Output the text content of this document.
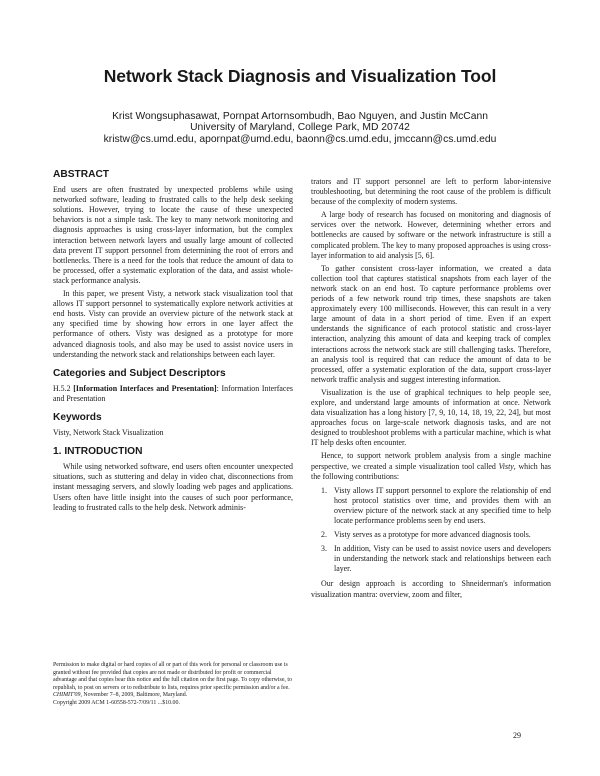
Network Stack Diagnosis and Visualization Tool
Krist Wongsuphasawat, Pornpat Artornsombudh, Bao Nguyen, and Justin McCann
University of Maryland, College Park, MD 20742
kristw@cs.umd.edu, apornpat@umd.edu, baonn@cs.umd.edu, jmccann@cs.umd.edu
ABSTRACT

End users are often frustrated by unexpected problems while using networked software, leading to frustrated calls to the help desk seeking solutions. However, trying to locate the cause of these unexpected behaviors is not a simple task. The key to many network monitoring and diagnosis approaches is using cross-layer information, but the complex interaction between network layers and usually large amount of collected data prevent IT support personnel from determining the root of errors and bottlenecks. There is a need for the tools that reduce the amount of data to be processed, offer a systematic exploration of the data, and assist whole-stack performance analysis.

In this paper, we present Visty, a network stack visualization tool that allows IT support personnel to systematically explore network activities at end hosts. Visty can provide an overview picture of the network stack at any specified time by showing how errors in one layer affect the performance of others. Visty was designed as a prototype for more advanced diagnosis tools, and also may be used to assist novice users in understanding the network stack and relationships between each layer.

Categories and Subject Descriptors

H.5.2 [Information Interfaces and Presentation]: Information Interfaces and Presentation

Keywords

Visty, Network Stack Visualization

1. INTRODUCTION

While using networked software, end users often encounter unexpected situations, such as stuttering and delay in video chat, disconnections from instant messaging servers, and slowly loading web pages and applications. Users often have little insight into the causes of such poor performance, leading to frustrated calls to the help desk. Network adminis-

Permission to make digital or hard copies of all or part of this work for personal or classroom use is granted without fee provided that copies are not made or distributed for profit or commercial advantage and that copies bear this notice and the full citation on the first page. To copy otherwise, to republish, to post on servers or to redistribute to lists, requires prior specific permission and/or a fee.

CHIMIT'09, November 7–8, 2009, Baltimore, Maryland.

Copyright 2009 ACM 1-60558-572-7/09/11 ...$10.00.

trators and IT support personnel are left to perform labor-intensive troubleshooting, but determining the root cause of the problem is difficult because of the complexity of modern systems.

A large body of research has focused on monitoring and diagnosis of services over the network. However, determining whether errors and bottlenecks are caused by software or the network infrastructure is still a complicated problem. The key to many proposed approaches is using cross-layer information to aid analysis [5, 6].

To gather consistent cross-layer information, we created a data collection tool that captures statistical snapshots from each layer of the network stack on an end host. To capture performance problems over periods of a few network round trip times, these snapshots are taken approximately every 100 milliseconds. However, this can result in a very large amount of data in a short period of time. Even if an expert understands the significance of each protocol statistic and cross-layer interaction, analyzing this amount of data and keeping track of complex interactions across the network stack are still challenging tasks. Therefore, an analysis tool is required that can reduce the amount of data to be processed, offer a systematic exploration of the data, support cross-layer network traffic analysis and suggest interesting information.

Visualization is the use of graphical techniques to help people see, explore, and understand large amounts of information at once. Network data visualization has a long history [7, 9, 10, 14, 18, 19, 22, 24], but most approaches focus on large-scale network diagnosis tasks, and are not designed to troubleshoot problems with a particular machine, which is what IT help desks often encounter.

Hence, to support network problem analysis from a single machine perspective, we created a simple visualization tool called Visty, which has the following contributions:

1. Visty allows IT support personnel to explore the relationship of end host protocol statistics over time, and provides them with an overview picture of the network stack at any specified time to help locate performance problems seen by end users.
2. Visty serves as a prototype for more advanced diagnosis tools.
3. In addition, Visty can be used to assist novice users and developers in understanding the network stack and relationships between each layer.

Our design approach is according to Shneiderman's information visualization mantra: overview, zoom and filter,

29
